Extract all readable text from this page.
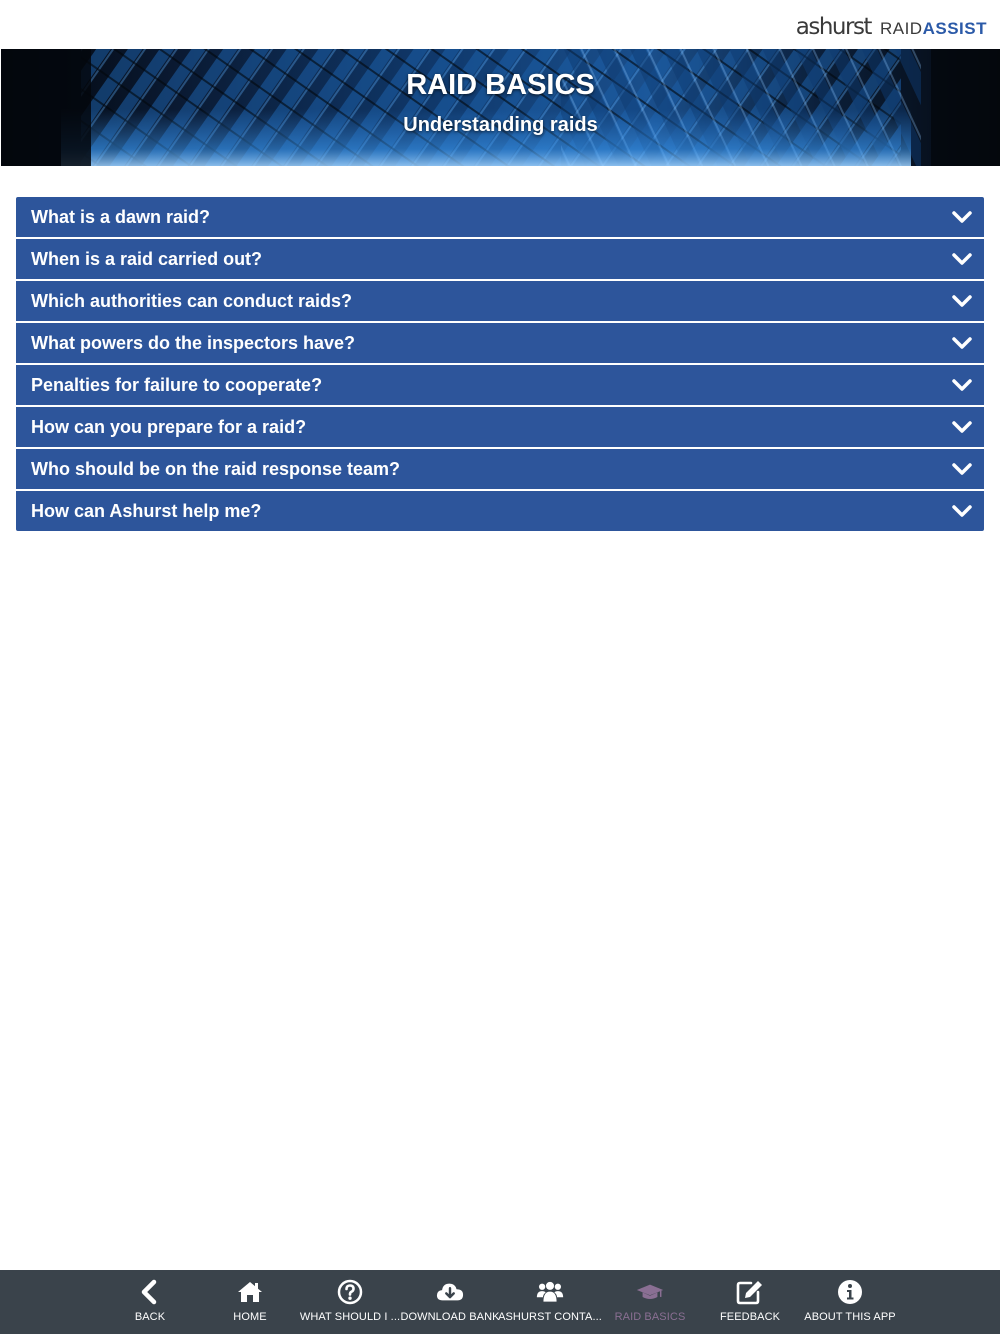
ashurst RAID ASSIST
RAID BASICS
Understanding raids
What is a dawn raid?
When is a raid carried out?
Which authorities can conduct raids?
What powers do the inspectors have?
Penalties for failure to cooperate?
How can you prepare for a raid?
Who should be on the raid response team?
How can Ashurst help me?
BACK	HOME	WHAT SHOULD I ... DOWNLOAD BANK
ASHURST CONTA... RAID BASICS	FEEDBACK ABOUT THIS APP
